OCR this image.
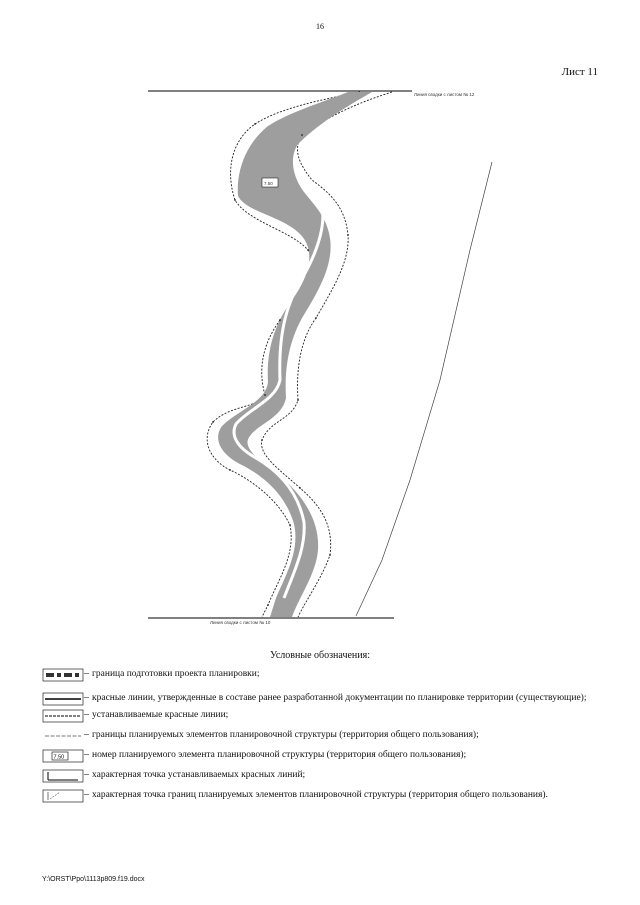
16
Лист 11
Линия сводки с листом № 12
Линия сводки с листом № 10
7.50
Условные обозначения:
– граница подготовки проекта планировки;
– красные линии, утвержденные в составе ранее разработанной документации по планировке территории (существующие);
– устанавливаемые красные линии;
– границы планируемых элементов планировочной структуры (территория общего пользования);
7.50 – номер планируемого элемента планировочной структуры (территория общего пользования);
– характерная точка устанавливаемых красных линий;
– характерная точка границ планируемых элементов планировочной структуры (территория общего пользования).
Y:\ORST\Ppo\1113p809.f19.docx
